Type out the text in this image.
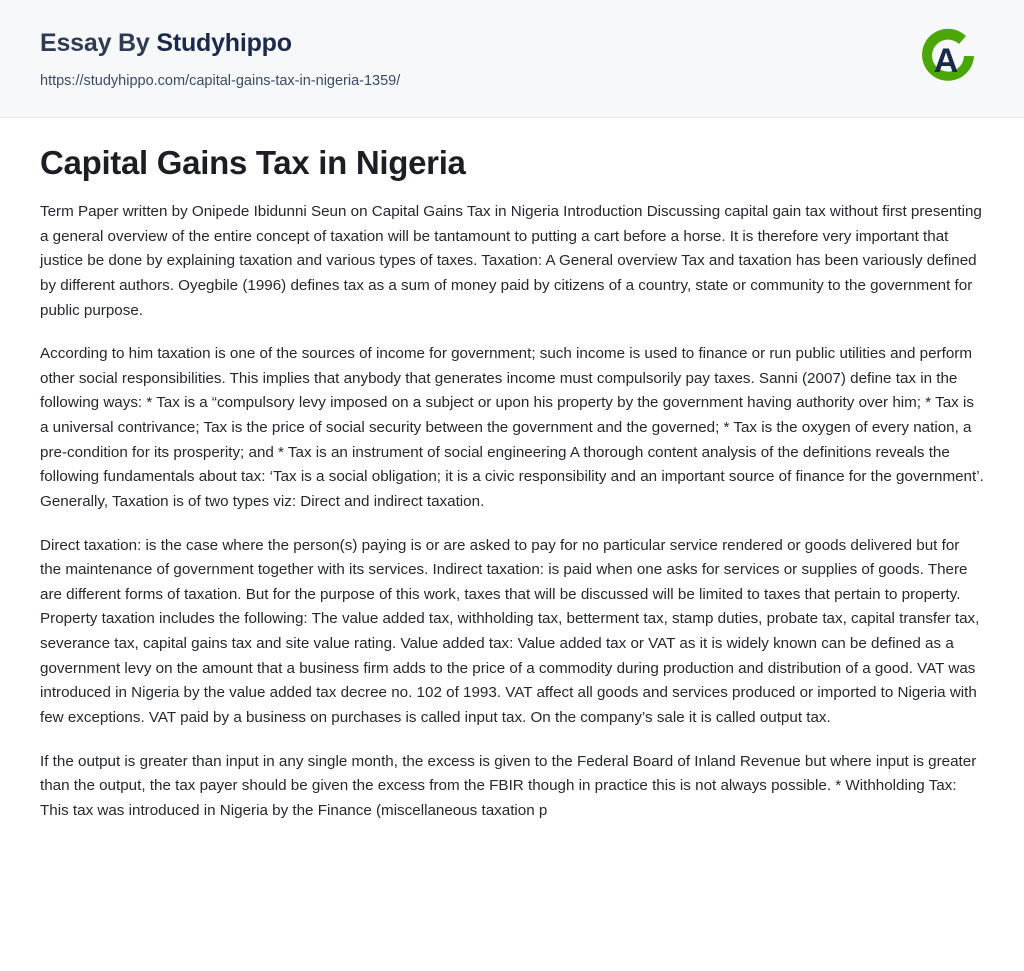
Essay By Studyhippo
https://studyhippo.com/capital-gains-tax-in-nigeria-1359/
A
Capital Gains Tax in Nigeria

Term Paper written by Onipede Ibidunni Seun on Capital Gains Tax in Nigeria Introduction Discussing capital gain tax without first presenting a general overview of the entire concept of taxation will be tantamount to putting a cart before a horse. It is therefore very important that justice be done by explaining taxation and various types of taxes. Taxation: A General overview Tax and taxation has been variously defined by different authors. Oyegbile (1996) defines tax as a sum of money paid by citizens of a country, state or community to the government for public purpose.

According to him taxation is one of the sources of income for government; such income is used to finance or run public utilities and perform other social responsibilities. This implies that anybody that generates income must compulsorily pay taxes. Sanni (2007) define tax in the following ways: * Tax is a “compulsory levy imposed on a subject or upon his property by the government having authority over him; * Tax is a universal contrivance; Tax is the price of social security between the government and the governed; * Tax is the oxygen of every nation, a pre-condition for its prosperity; and * Tax is an instrument of social engineering A thorough content analysis of the definitions reveals the following fundamentals about tax: ‘Tax is a social obligation; it is a civic responsibility and an important source of finance for the government’. Generally, Taxation is of two types viz: Direct and indirect taxation.

Direct taxation: is the case where the person(s) paying is or are asked to pay for no particular service rendered or goods delivered but for the maintenance of government together with its services. Indirect taxation: is paid when one asks for services or supplies of goods. There are different forms of taxation. But for the purpose of this work, taxes that will be discussed will be limited to taxes that pertain to property. Property taxation includes the following: The value added tax, withholding tax, betterment tax, stamp duties, probate tax, capital transfer tax, severance tax, capital gains tax and site value rating. Value added tax: Value added tax or VAT as it is widely known can be defined as a government levy on the amount that a business firm adds to the price of a commodity during production and distribution of a good. VAT was introduced in Nigeria by the value added tax decree no. 102 of 1993. VAT affect all goods and services produced or imported to Nigeria with few exceptions. VAT paid by a business on purchases is called input tax. On the company’s sale it is called output tax.

If the output is greater than input in any single month, the excess is given to the Federal Board of Inland Revenue but where input is greater than the output, the tax payer should be given the excess from the FBIR though in practice this is not always possible. * Withholding Tax: This tax was introduced in Nigeria by the Finance (miscellaneous taxation p
